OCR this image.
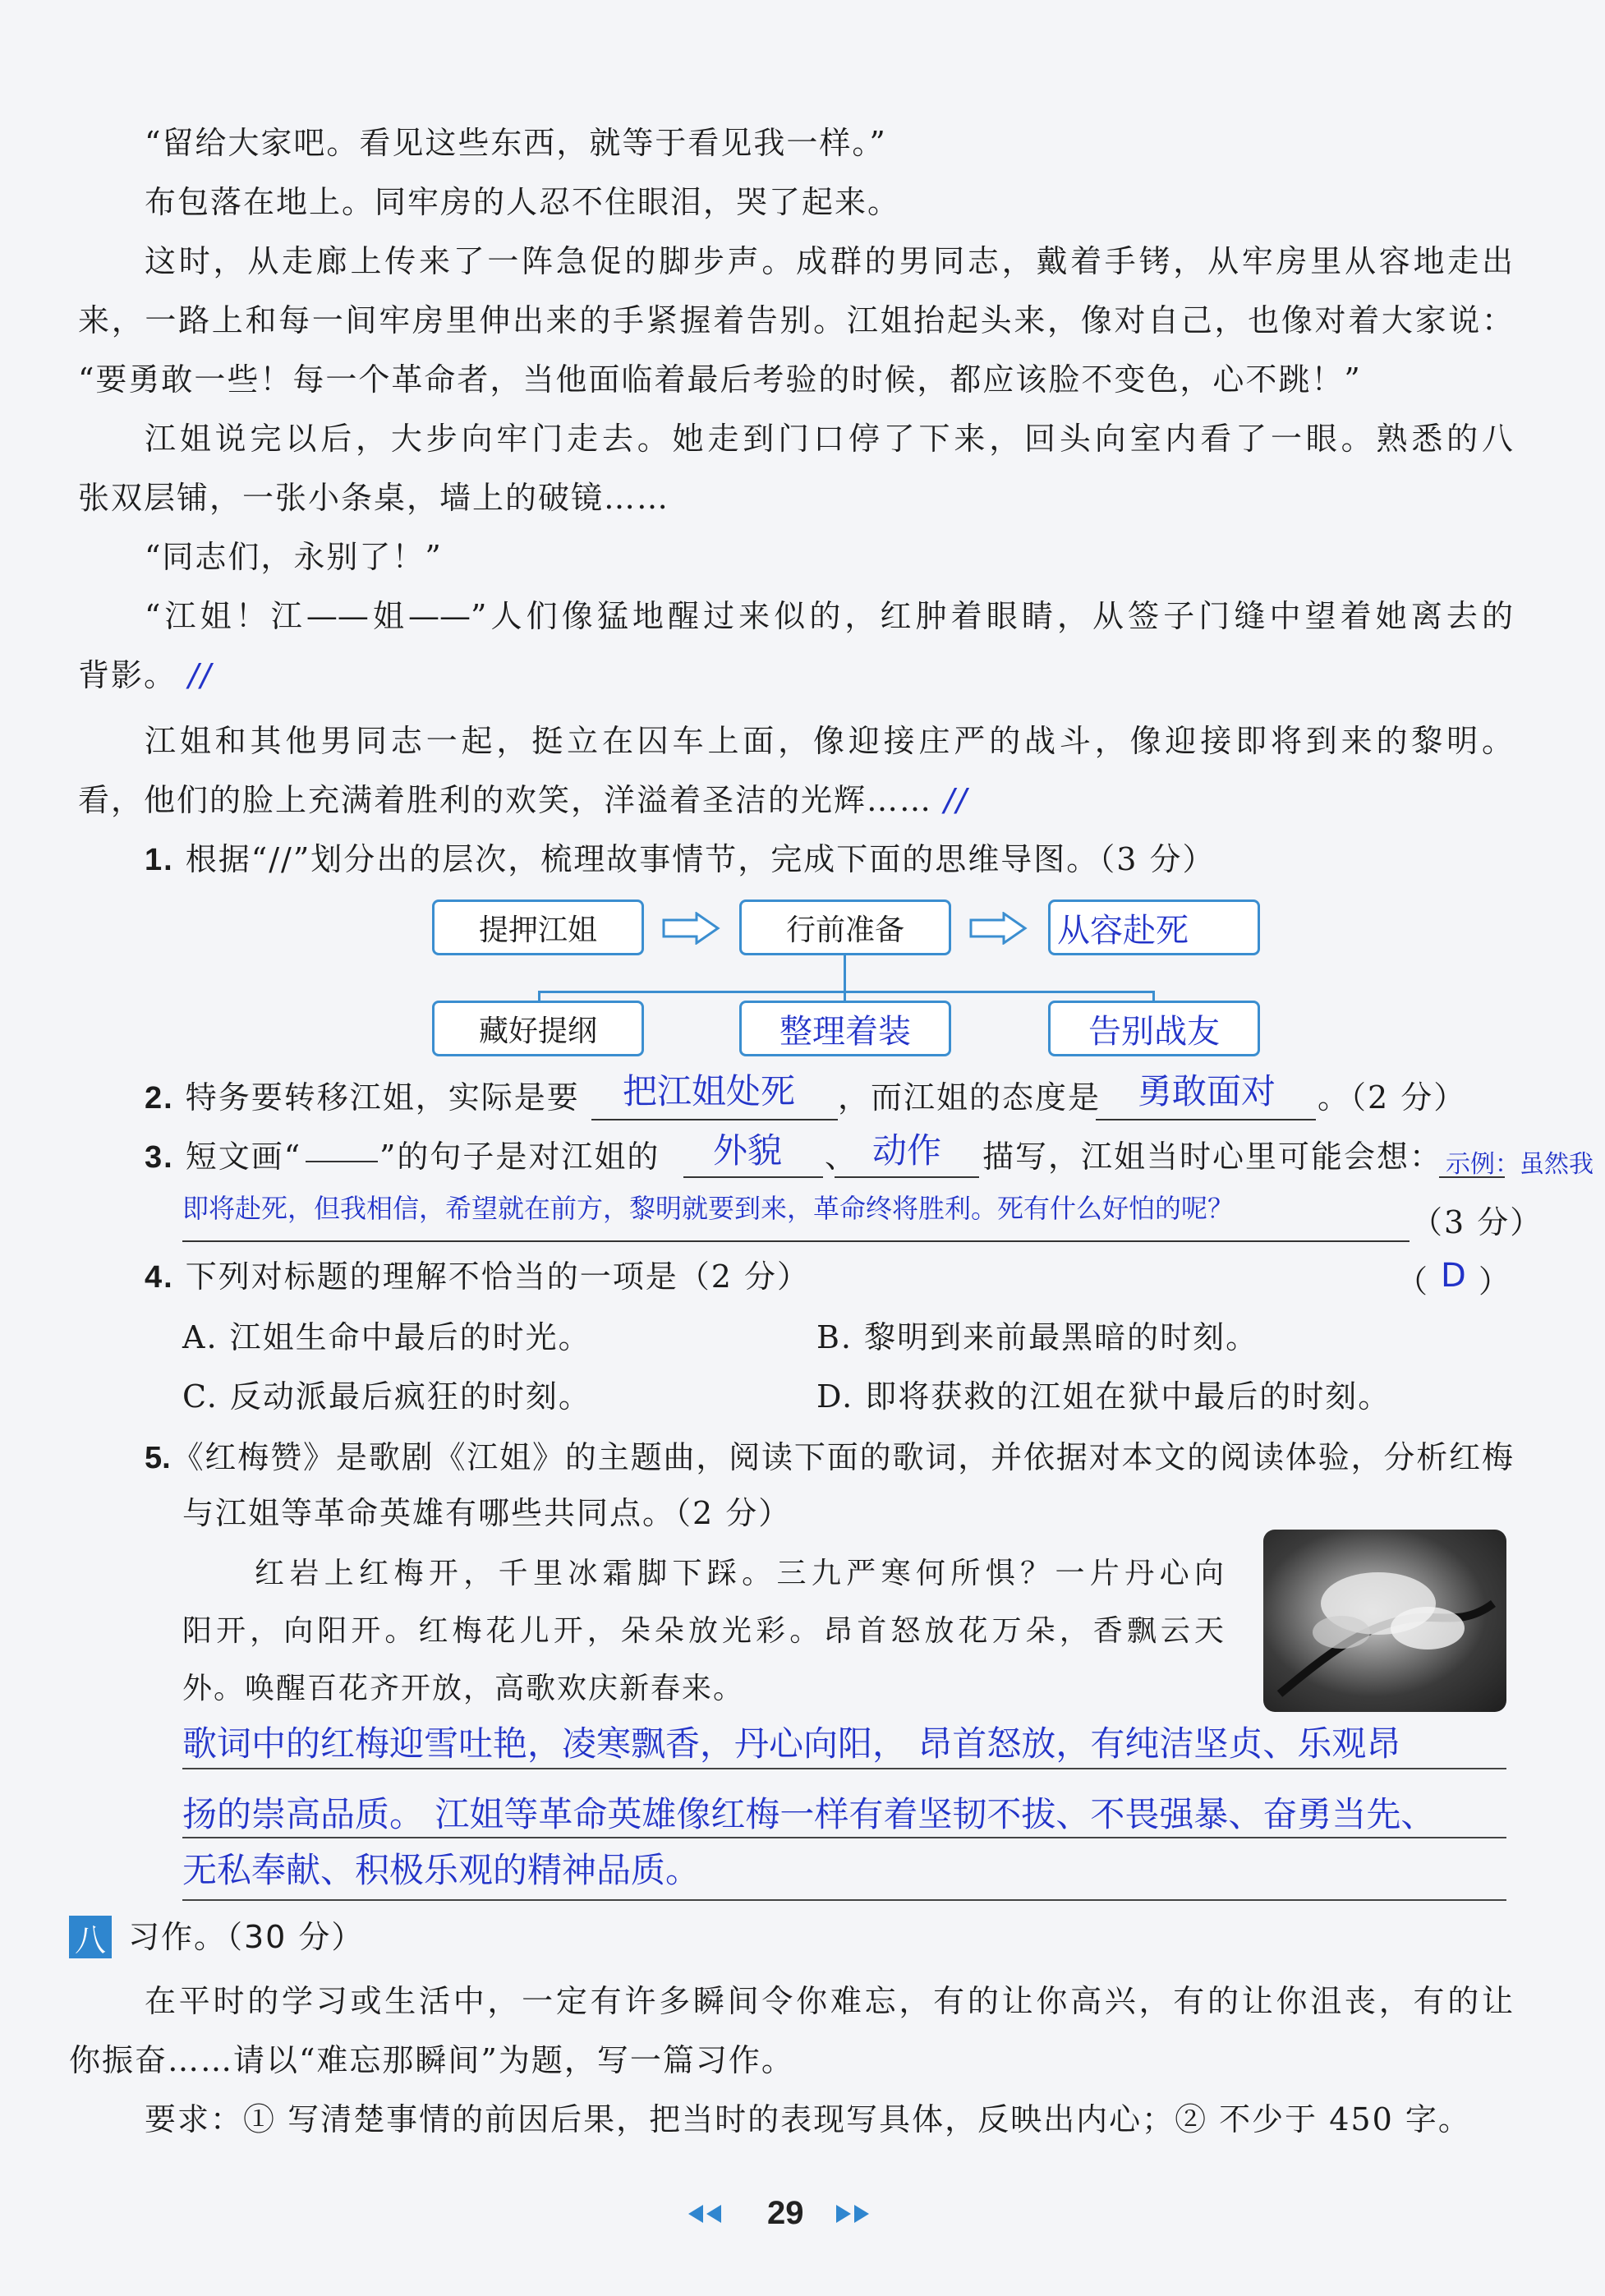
“留给大家吧。看见这些东西，就等于看见我一样。”
布包落在地上。同牢房的人忍不住眼泪，哭了起来。
这时，从走廊上传来了一阵急促的脚步声。成群的男同志，戴着手铐，从牢房里从容地走出
来，一路上和每一间牢房里伸出来的手紧握着告别。江姐抬起头来，像对自己，也像对着大家说：
“要勇敢一些！每一个革命者，当他面临着最后考验的时候，都应该脸不变色，心不跳！”
江姐说完以后，大步向牢门走去。她走到门口停了下来，回头向室内看了一眼。熟悉的八
张双层铺，一张小条桌，墙上的破镜……
“同志们，永别了！”
“江姐！江——姐——”人们像猛地醒过来似的，红肿着眼睛，从签子门缝中望着她离去的
背影。 //
江姐和其他男同志一起，挺立在囚车上面，像迎接庄严的战斗，像迎接即将到来的黎明。
看，他们的脸上充满着胜利的欢笑，洋溢着圣洁的光辉…… //
1. 根据“//”划分出的层次，梳理故事情节，完成下面的思维导图。（3 分）
提押江姐	行前准备	从容赴死
藏好提纲	整理着装	告别战友
2. 特务要转移江姐，实际是要 把江姐处死 ，而江姐的态度是 勇敢面对 。（2 分）
3. 短文画“ ”的句子是对江姐的 外貌 、 动作 描写，江姐当时心里可能会想： 示例：虽然我
即将赴死，但我相信，希望就在前方，黎明就要到来，革命终将胜利。死有什么好怕的呢？	（3 分）
4. 下列对标题的理解不恰当的一项是（2 分）	（ D ）
A. 江姐生命中最后的时光。	B. 黎明到来前最黑暗的时刻。
C. 反动派最后疯狂的时刻。	D. 即将获救的江姐在狱中最后的时刻。
5.《红梅赞》是歌剧《江姐》的主题曲，阅读下面的歌词，并依据对本文的阅读体验，分析红梅
与江姐等革命英雄有哪些共同点。（2 分）
红岩上红梅开，千里冰霜脚下踩。三九严寒何所惧？一片丹心向
阳开，向阳开。红梅花儿开，朵朵放光彩。昂首怒放花万朵，香飘云天
外。唤醒百花齐开放，高歌欢庆新春来。
歌词中的红梅迎雪吐艳，凌寒飘香，丹心向阳， 昂首怒放，有纯洁坚贞、乐观昂
扬的崇高品质。 江姐等革命英雄像红梅一样有着坚韧不拔、不畏强暴、奋勇当先、
无私奉献、积极乐观的精神品质。
八 习作。（30 分）
在平时的学习或生活中，一定有许多瞬间令你难忘，有的让你高兴，有的让你沮丧，有的让
你振奋……请以“难忘那瞬间”为题，写一篇习作。
要求：① 写清楚事情的前因后果，把当时的表现写具体，反映出内心；② 不少于 450 字。
29
